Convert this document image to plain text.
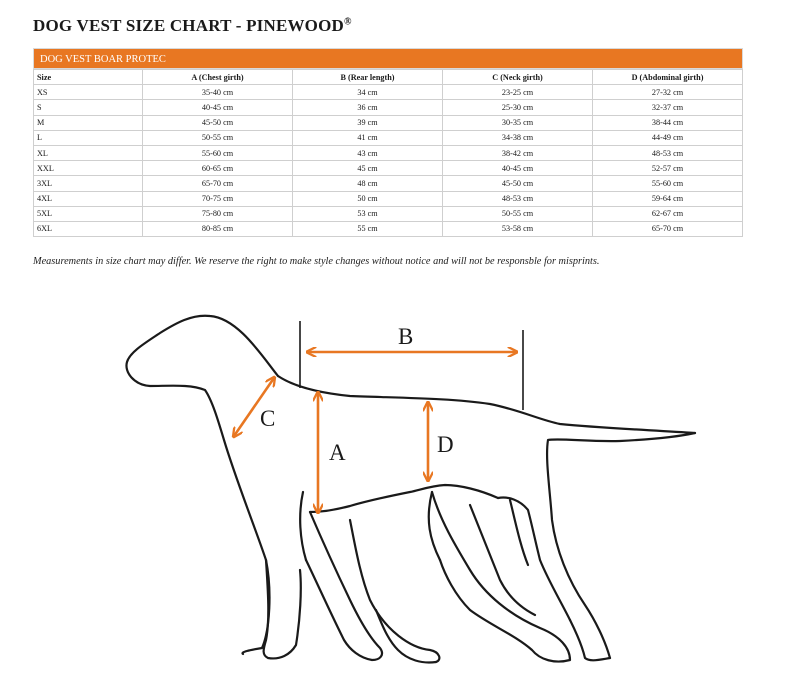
DOG VEST SIZE CHART - PINEWOOD®
DOG VEST BOAR PROTEC
Size	A (Chest girth)	B (Rear length)	C (Neck girth)	D (Abdominal girth)
XS	35-40 cm	34 cm	23-25 cm	27-32 cm
S	40-45 cm	36 cm	25-30 cm	32-37 cm
M	45-50 cm	39 cm	30-35 cm	38-44 cm
L	50-55 cm	41 cm	34-38 cm	44-49 cm
XL	55-60 cm	43 cm	38-42 cm	48-53 cm
XXL	60-65 cm	45 cm	40-45 cm	52-57 cm
3XL	65-70 cm	48 cm	45-50 cm	55-60 cm
4XL	70-75 cm	50 cm	48-53 cm	59-64 cm
5XL	75-80 cm	53 cm	50-55 cm	62-67 cm
6XL	80-85 cm	55 cm	53-58 cm	65-70 cm

Measurements in size chart may differ. We reserve the right to make style changes without notice and will not be responsble for misprints.

B
C
A	D
